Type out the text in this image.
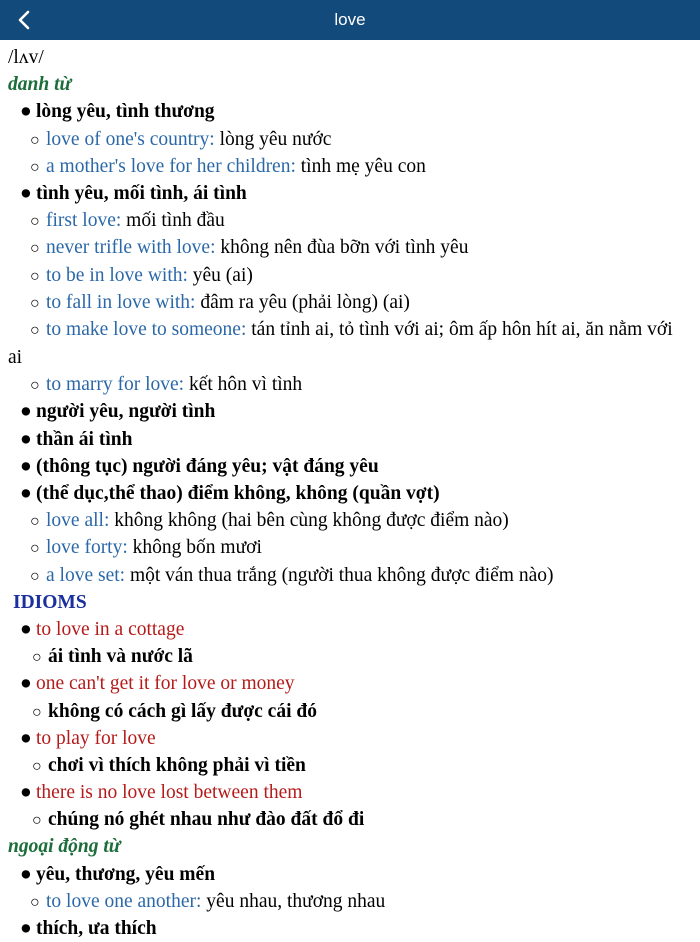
love
/lʌv/
danh từ
● lòng yêu, tình thương
○ love of one's country: lòng yêu nước
○ a mother's love for her children: tình mẹ yêu con
● tình yêu, mối tình, ái tình
○ first love: mối tình đầu
○ never trifle with love: không nên đùa bỡn với tình yêu
○ to be in love with: yêu (ai)
○ to fall in love with: đâm ra yêu (phải lòng) (ai)
○ to make love to someone: tán tỉnh ai, tỏ tình với ai; ôm ấp hôn hít ai, ăn nằm với ai
○ to marry for love: kết hôn vì tình
● người yêu, người tình
● thần ái tình
● (thông tục) người đáng yêu; vật đáng yêu
● (thể dục,thể thao) điểm không, không (quần vợt)
○ love all: không không (hai bên cùng không được điểm nào)
○ love forty: không bốn mươi
○ a love set: một ván thua trắng (người thua không được điểm nào)
IDIOMS
● to love in a cottage
○ ái tình và nước lã
● one can't get it for love or money
○ không có cách gì lấy được cái đó
● to play for love
○ chơi vì thích không phải vì tiền
● there is no love lost between them
○ chúng nó ghét nhau như đào đất đổ đi
ngoại động từ
● yêu, thương, yêu mến
○ to love one another: yêu nhau, thương nhau
● thích, ưa thích
